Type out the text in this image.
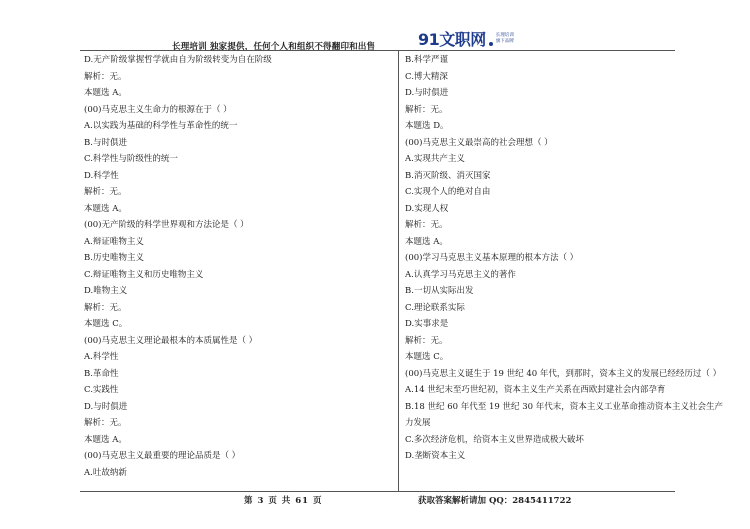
长理培训 独家提供，任何个人和组织不得翻印和出售	91文职网 长理培训
旗下品牌
D.无产阶级掌握哲学就由自为阶级转变为自在阶级
解析：无。
本题选 A。
(00)马克思主义生命力的根源在于（ ）
A.以实践为基础的科学性与革命性的统一
B.与时俱进
C.科学性与阶级性的统一
D.科学性
解析：无。
本题选 A。
(00)无产阶级的科学世界观和方法论是（ ）
A.辩证唯物主义
B.历史唯物主义
C.辩证唯物主义和历史唯物主义
D.唯物主义
解析：无。
本题选 C。
(00)马克思主义理论最根本的本质属性是（ ）
A.科学性
B.革命性
C.实践性
D.与时俱进
解析：无。
本题选 A。
(00)马克思主义最重要的理论品质是（ ）
A.吐故纳新
B.科学严谨
C.博大精深
D.与时俱进
解析：无。
本题选 D。
(00)马克思主义最崇高的社会理想（ ）
A.实现共产主义
B.消灭阶级、消灭国家
C.实现个人的绝对自由
D.实现人权
解析：无。
本题选 A。
(00)学习马克思主义基本原理的根本方法（ ）
A.认真学习马克思主义的著作
B.一切从实际出发
C.理论联系实际
D.实事求是
解析：无。
本题选 C。
(00)马克思主义诞生于 19 世纪 40 年代，到那时，资本主义的发展已经经历过（ ）
A.14 世纪末至巧世纪初，资本主义生产关系在西欧封建社会内部孕育
B.18 世纪 60 年代至 19 世纪 30 年代末，资本主义工业革命推动资本主义社会生产力发展
C.多次经济危机，给资本主义世界造成极大破坏
D.垄断资本主义
第 3 页 共 61 页	获取答案解析请加 QQ：2845411722
